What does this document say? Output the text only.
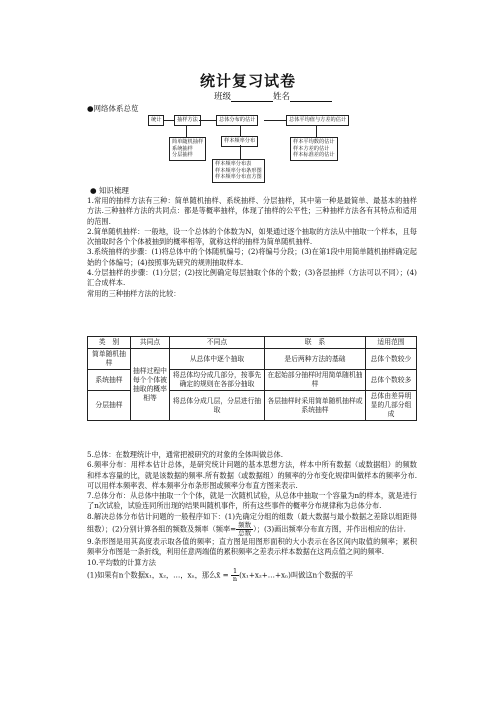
统计复习试卷
班级	姓名
●网络体系总览
统计	抽样方法	总体分布的估计	总体平均值与方差的估计
简单随机抽样
系统抽样
分层抽样
样本频率分布
样本频率分布表
样本频率分布条形图
样本频率分布直方图
样本平均数的估计
样本方差的估计
样本标准差的估计
● 知识梳理

1.常用的抽样方法有三种：简单随机抽样、系统抽样、分层抽样，其中第一种是最简单、最基本的抽样方法.三种抽样方法的共同点：都是等概率抽样，体现了抽样的公平性；三种抽样方法各有其特点和适用的范围.

2.简单随机抽样：一般地，设一个总体的个体数为N，如果通过逐个抽取的方法从中抽取一个样本，且每次抽取时各个个体被抽到的概率相等，就称这样的抽样为简单随机抽样.

3.系统抽样的步骤：(1)将总体中的个体随机编号；(2)将编号分段；(3)在第1段中用简单随机抽样确定起始的个体编号；(4)按照事先研究的规则抽取样本.

4.分层抽样的步骤：(1)分层；(2)按比例确定每层抽取个体的个数；(3)各层抽样（方法可以不同）；(4)汇合成样本.

常用的三种抽样方法的比较：

类　别	共同点	不同点	联　系	适用范围
简单随机抽样	抽样过程中每个个体被抽取的概率相等	从总体中逐个抽取	是后两种方法的基础	总体个数较少
系统抽样		将总体均分成几部分，按事先确定的规则在各部分抽取	在起始部分抽样时用简单随机抽样	总体个数较多
分层抽样		将总体分成几层，分层进行抽取	各层抽样时采用简单随机抽样或系统抽样	总体由差异明显的几部分组成

5.总体：在数理统计中，通常把被研究的对象的全体叫做总体.

6.频率分布：用样本估计总体，是研究统计问题的基本思想方法，样本中所有数据（或数据组）的频数和样本容量的比，就是该数据的频率.所有数据（或数据组）的频率的分布变化规律叫做样本的频率分布.可以用样本频率表、样本频率分布条形图或频率分布直方图来表示.

7.总体分布：从总体中抽取一个个体，就是一次随机试验，从总体中抽取一个容量为n的样本，就是进行了n次试验，试验连同所出现的结果叫随机事件，所有这些事件的概率分布规律称为总体分布.

8.解决总体分布估计问题的一般程序如下：(1)先确定分组的组数（最大数据与最小数据之差除以组距得组数）；(2)分别计算各组的频数及频率（频率= $\frac{\text{频数}}{\text{总数}}$ ）；(3)画出频率分布直方图，并作出相应的估计.

9.条形图是用其高度表示取各值的频率；直方图是用图形面积的大小表示在各区间内取值的频率；累积频率分布图是一条折线，利用任意两端值的累积频率之差表示样本数据在这两点值之间的频率.

10.平均数的计算方法

(1)如果有n个数据x₁，x₂，…，xₙ，那么x̄ = $\frac{1}{n}$ (x₁+x₂+…+xₙ)叫做这n个数据的平
